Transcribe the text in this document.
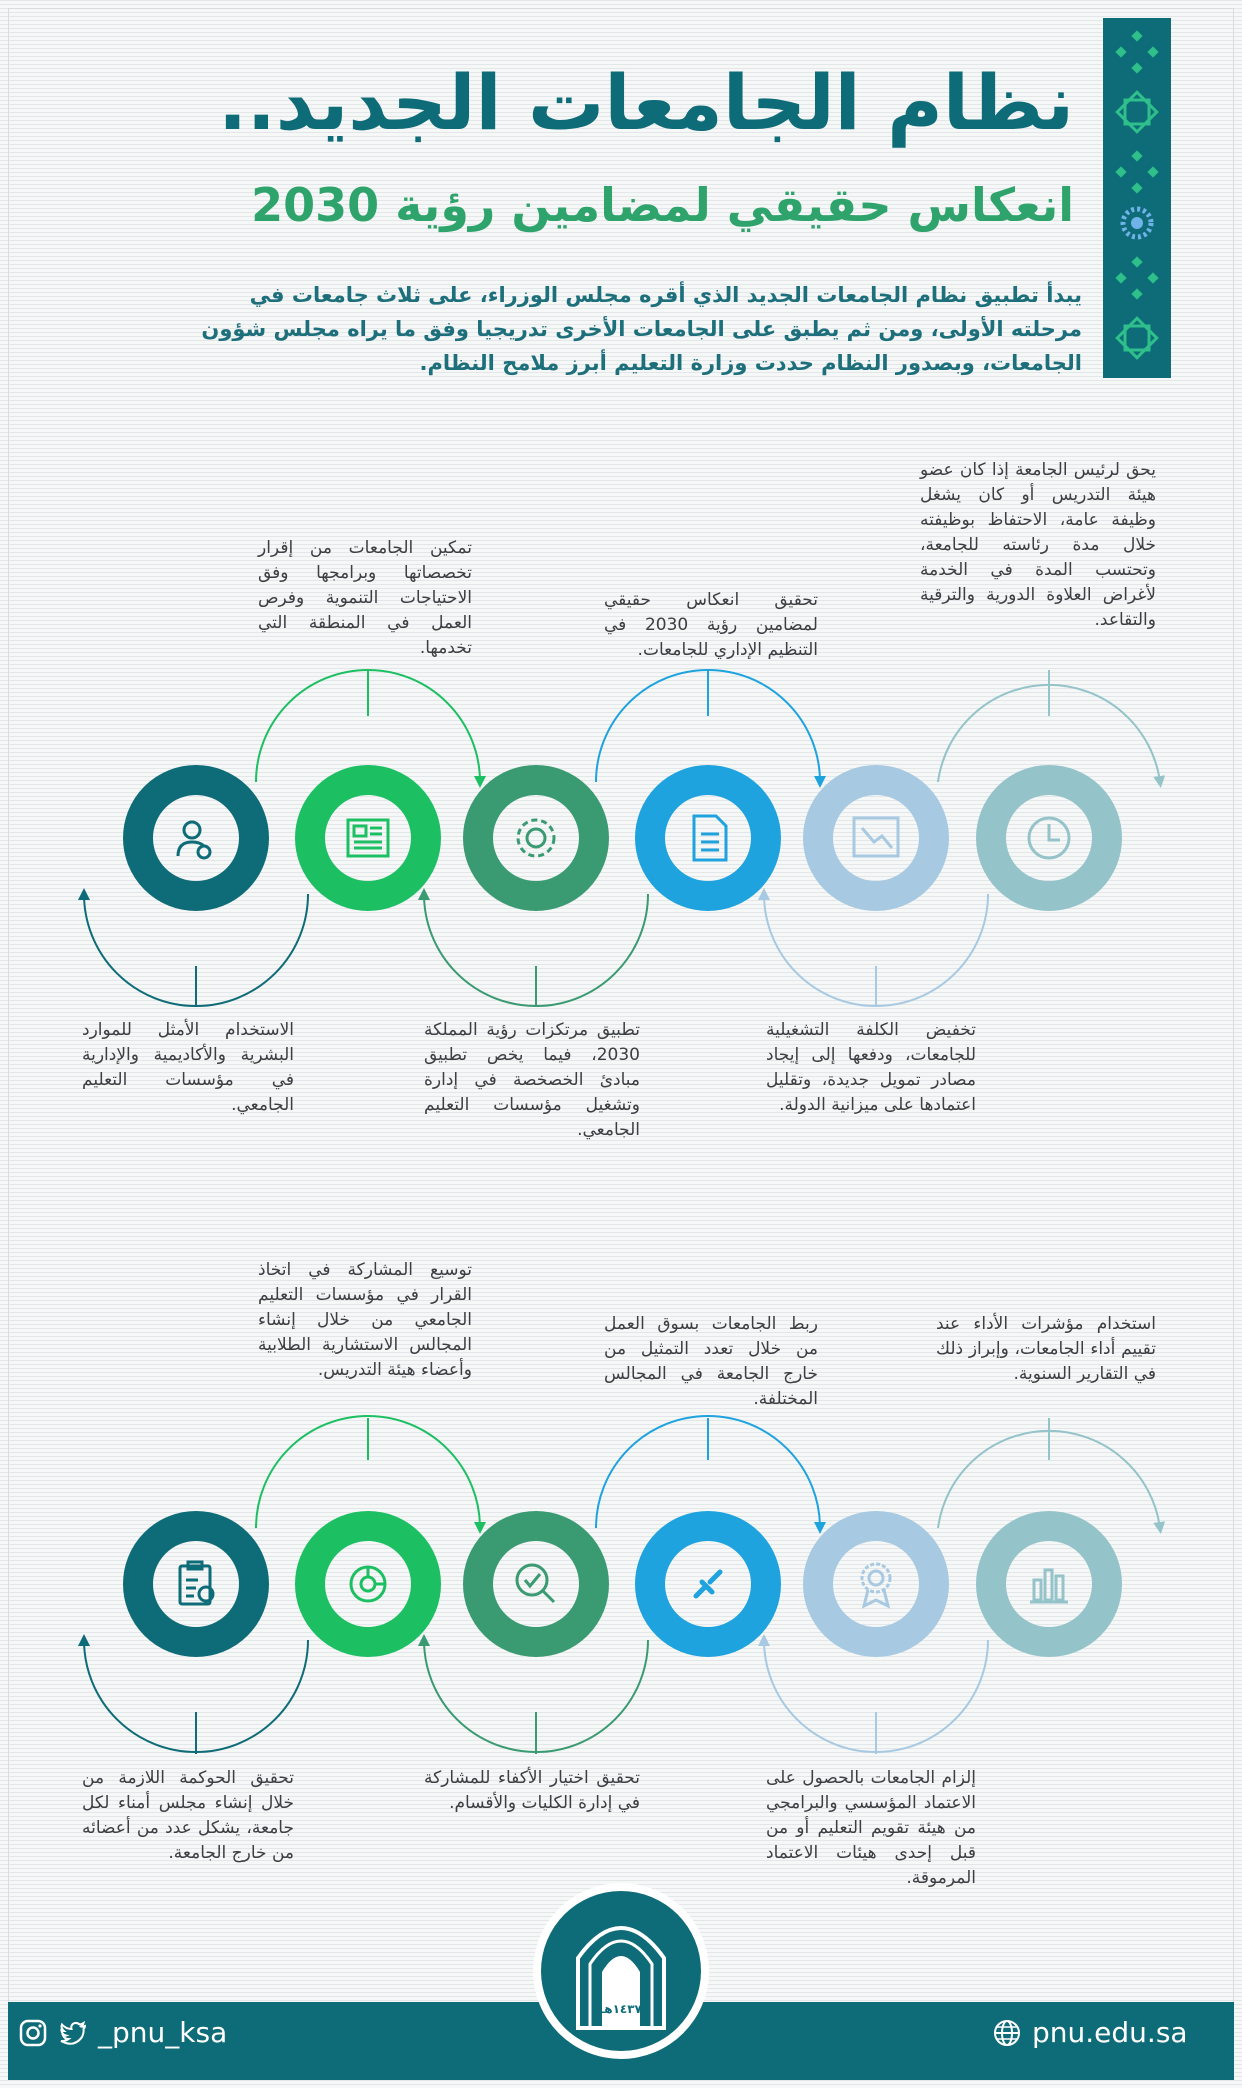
نظام الجامعات الجديد..
انعكاس حقيقي لمضامين رؤية 2030

يبدأ تطبيق نظام الجامعات الجديد الذي أقره مجلس الوزراء، على ثلاث جامعات في مرحلته الأولى، ومن ثم يطبق على الجامعات الأخرى تدريجيا وفق ما يراه مجلس شؤون الجامعات، وبصدور النظام حددت وزارة التعليم أبرز ملامح النظام.

يحق لرئيس الجامعة إذا كان عضو هيئة التدريس أو كان يشغل وظيفة عامة، الاحتفاظ بوظيفته خلال مدة رئاسته للجامعة، وتحتسب المدة في الخدمة لأغراض العلاوة الدورية والترقية والتقاعد.

تخفيض الكلفة التشغيلية للجامعات، ودفعها إلى إيجاد مصادر تمويل جديدة، وتقليل اعتمادها على ميزانية الدولة.

تحقيق انعكاس حقيقي لمضامين رؤية 2030 في التنظيم الإداري للجامعات.

تطبيق مرتكزات رؤية المملكة 2030، فيما يخص تطبيق مبادئ الخصخصة في إدارة وتشغيل مؤسسات التعليم الجامعي.

تمكين الجامعات من إقرار تخصصاتها وبرامجها وفق الاحتياجات التنموية وفرص العمل في المنطقة التي تخدمها.

الاستخدام الأمثل للموارد البشرية والأكاديمية والإدارية في مؤسسات التعليم الجامعي.

استخدام مؤشرات الأداء عند تقييم أداء الجامعات، وإبراز ذلك في التقارير السنوية.

إلزام الجامعات بالحصول على الاعتماد المؤسسي والبرامجي من هيئة تقويم التعليم أو من قبل إحدى هيئات الاعتماد المرموقة.

ربط الجامعات بسوق العمل من خلال تعدد التمثيل من خارج الجامعة في المجالس المختلفة.

تحقيق اختيار الأكفاء للمشاركة في إدارة الكليات والأقسام.

توسيع المشاركة في اتخاذ القرار في مؤسسات التعليم الجامعي من خلال إنشاء المجالس الاستشارية الطلابية وأعضاء هيئة التدريس.

تحقيق الحوكمة اللازمة من خلال إنشاء مجلس أمناء لكل جامعة، يشكل عدد من أعضائه من خارج الجامعة.

١٤٣٧هـ
pnu.edu.sa
_pnu_ksa
